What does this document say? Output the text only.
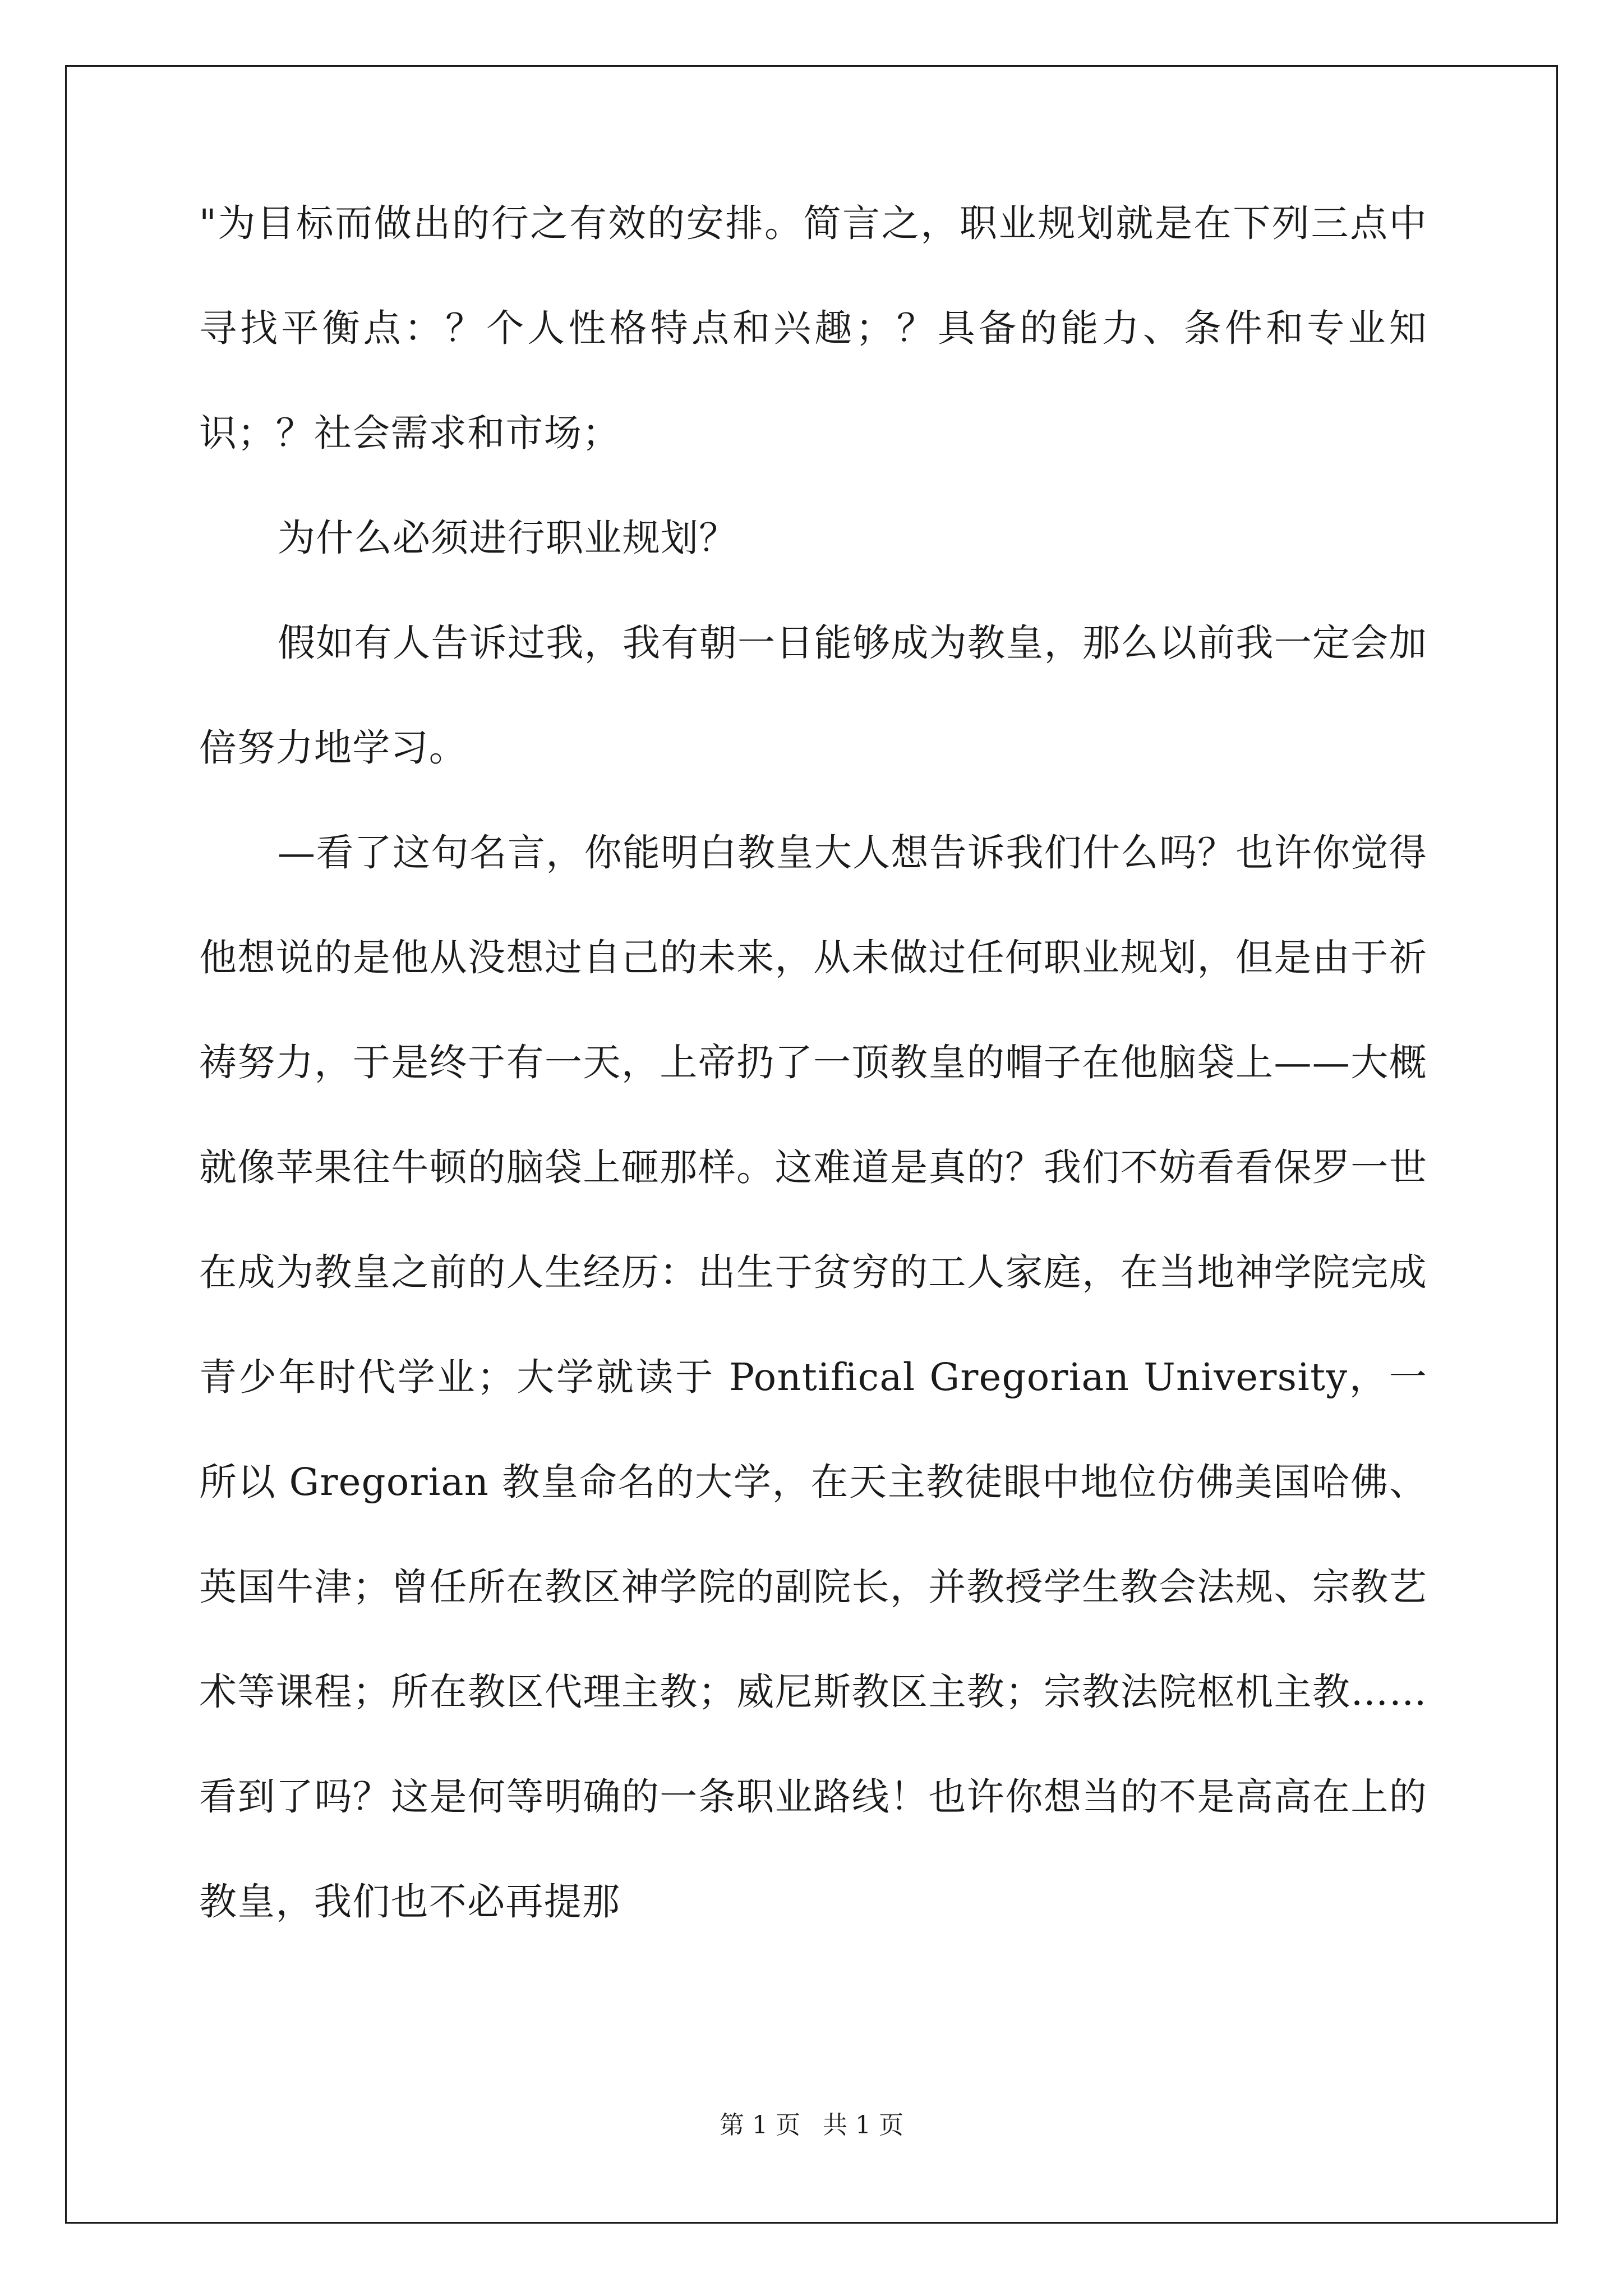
"为目标而做出的行之有效的安排。简言之，职业规划就是在下列三点中寻找平衡点：？个人性格特点和兴趣；？具备的能力、条件和专业知识；？社会需求和市场；

为什么必须进行职业规划？

假如有人告诉过我，我有朝一日能够成为教皇，那么以前我一定会加倍努力地学习。

—看了这句名言，你能明白教皇大人想告诉我们什么吗？也许你觉得他想说的是他从没想过自己的未来，从未做过任何职业规划，但是由于祈祷努力，于是终于有一天，上帝扔了一顶教皇的帽子在他脑袋上——大概就像苹果往牛顿的脑袋上砸那样。这难道是真的？我们不妨看看保罗一世在成为教皇之前的人生经历：出生于贫穷的工人家庭，在当地神学院完成青少年时代学业；大学就读于 Pontifical Gregorian University，一所以 Gregorian 教皇命名的大学，在天主教徒眼中地位仿佛美国哈佛、英国牛津；曾任所在教区神学院的副院长，并教授学生教会法规、宗教艺术等课程；所在教区代理主教；威尼斯教区主教；宗教法院枢机主教……看到了吗？这是何等明确的一条职业路线！也许你想当的不是高高在上的教皇，我们也不必再提那

第 1 页 共 1 页
